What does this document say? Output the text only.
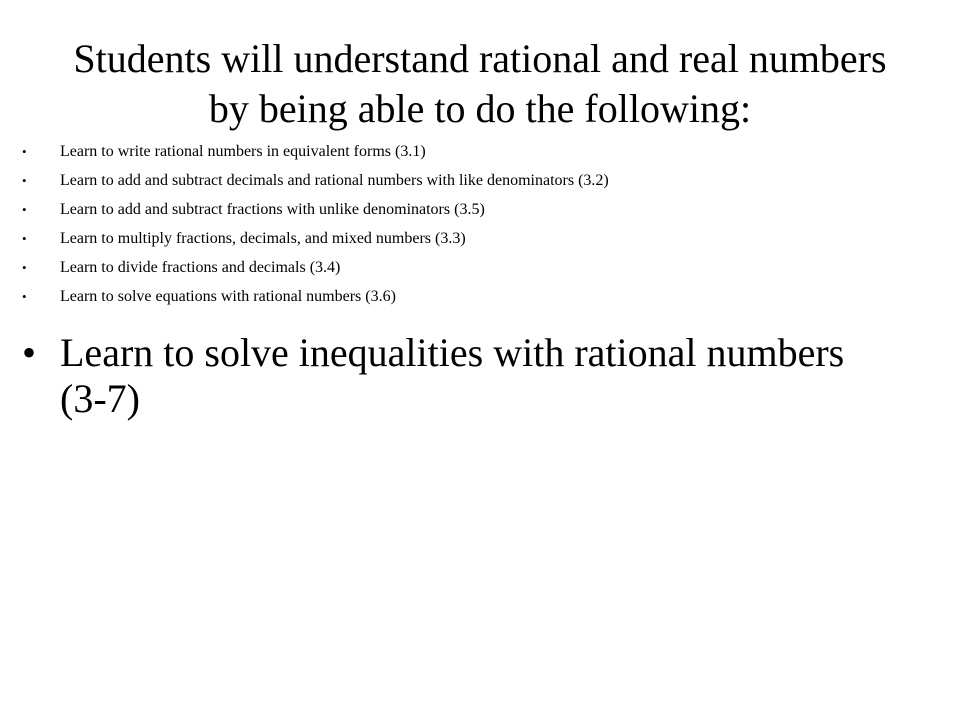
Students will understand rational and real numbers
by being able to do the following:
• Learn to write rational numbers in equivalent forms (3.1)
• Learn to add and subtract decimals and rational numbers with like denominators (3.2)
• Learn to add and subtract fractions with unlike denominators (3.5)
• Learn to multiply fractions, decimals, and mixed numbers (3.3)
• Learn to divide fractions and decimals (3.4)
• Learn to solve equations with rational numbers (3.6)
• Learn to solve inequalities with rational numbers (3-7)
